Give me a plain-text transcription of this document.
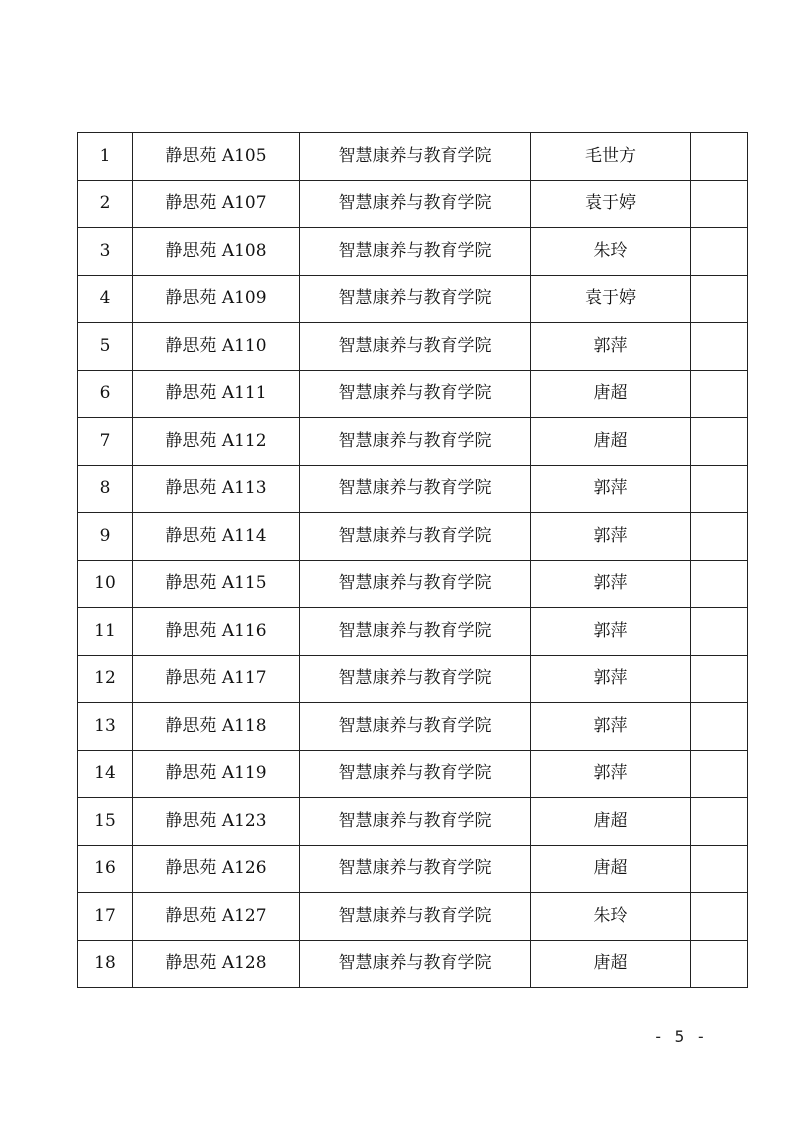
1	静思苑 A105	智慧康养与教育学院	毛世方	
2	静思苑 A107	智慧康养与教育学院	袁于婷	
3	静思苑 A108	智慧康养与教育学院	朱玲	
4	静思苑 A109	智慧康养与教育学院	袁于婷	
5	静思苑 A110	智慧康养与教育学院	郭萍	
6	静思苑 A111	智慧康养与教育学院	唐超	
7	静思苑 A112	智慧康养与教育学院	唐超	
8	静思苑 A113	智慧康养与教育学院	郭萍	
9	静思苑 A114	智慧康养与教育学院	郭萍	
10	静思苑 A115	智慧康养与教育学院	郭萍	
11	静思苑 A116	智慧康养与教育学院	郭萍	
12	静思苑 A117	智慧康养与教育学院	郭萍	
13	静思苑 A118	智慧康养与教育学院	郭萍	
14	静思苑 A119	智慧康养与教育学院	郭萍	
15	静思苑 A123	智慧康养与教育学院	唐超	
16	静思苑 A126	智慧康养与教育学院	唐超	
17	静思苑 A127	智慧康养与教育学院	朱玲	
18	静思苑 A128	智慧康养与教育学院	唐超	
- 5 -
